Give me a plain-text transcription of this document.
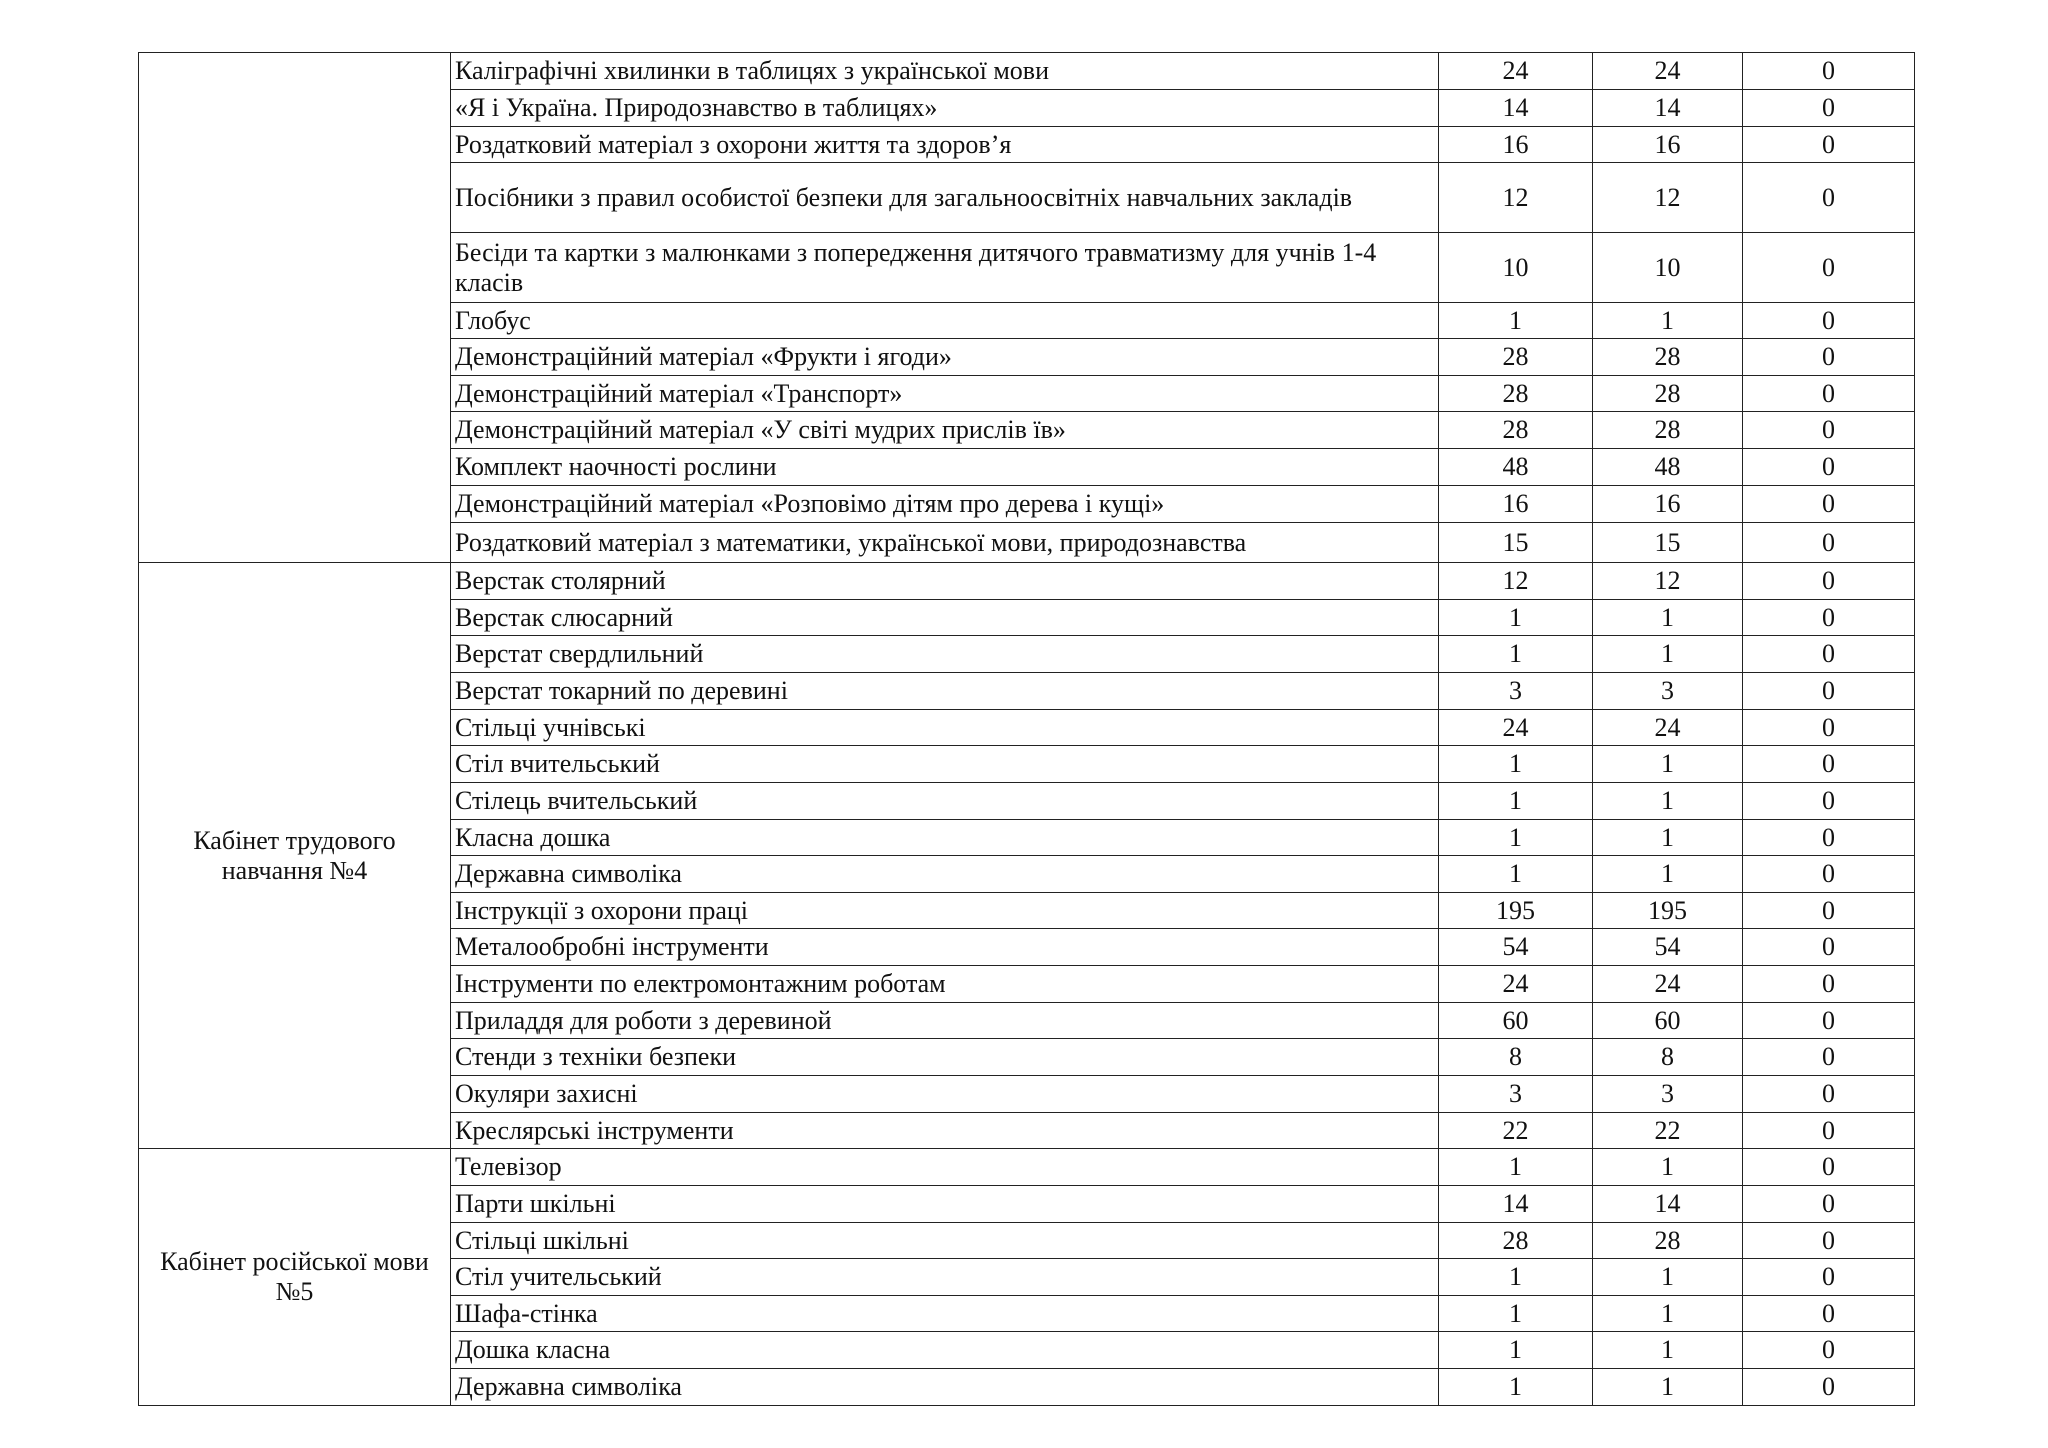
	Каліграфічні хвилинки в таблицях з української мови	24	24	0
	«Я і Україна. Природознавство в таблицях»	14	14	0
	Роздатковий матеріал з охорони життя та здоров’я	16	16	0
	Посібники з правил особистої безпеки для загальноосвітніх навчальних закладів	12	12	0
	Бесіди та картки з малюнками з попередження дитячого травматизму для учнів 1-4 класів	10	10	0
	Глобус	1	1	0
	Демонстраційний матеріал «Фрукти і ягоди»	28	28	0
	Демонстраційний матеріал «Транспорт»	28	28	0
	Демонстраційний матеріал «У світі мудрих прислів їв»	28	28	0
	Комплект наочності рослини	48	48	0
	Демонстраційний матеріал «Розповімо дітям про дерева і кущі»	16	16	0
	Роздатковий матеріал з математики, української мови, природознавства	15	15	0
Кабінет трудового навчання №4	Верстак столярний	12	12	0
	Верстак слюсарний	1	1	0
	Верстат свердлильний	1	1	0
	Верстат токарний по деревині	3	3	0
	Стільці учнівські	24	24	0
	Стіл вчительський	1	1	0
	Стілець вчительський	1	1	0
	Класна дошка	1	1	0
	Державна символіка	1	1	0
	Інструкції з охорони праці	195	195	0
	Металообробні інструменти	54	54	0
	Інструменти по електромонтажним роботам	24	24	0
	Приладдя для роботи з деревиной	60	60	0
	Стенди з техніки безпеки	8	8	0
	Окуляри захисні	3	3	0
	Креслярські інструменти	22	22	0
Кабінет російської мови №5	Телевізор	1	1	0
	Парти шкільні	14	14	0
	Стільці шкільні	28	28	0
	Стіл учительський	1	1	0
	Шафа-стінка	1	1	0
	Дошка класна	1	1	0
	Державна символіка	1	1	0
